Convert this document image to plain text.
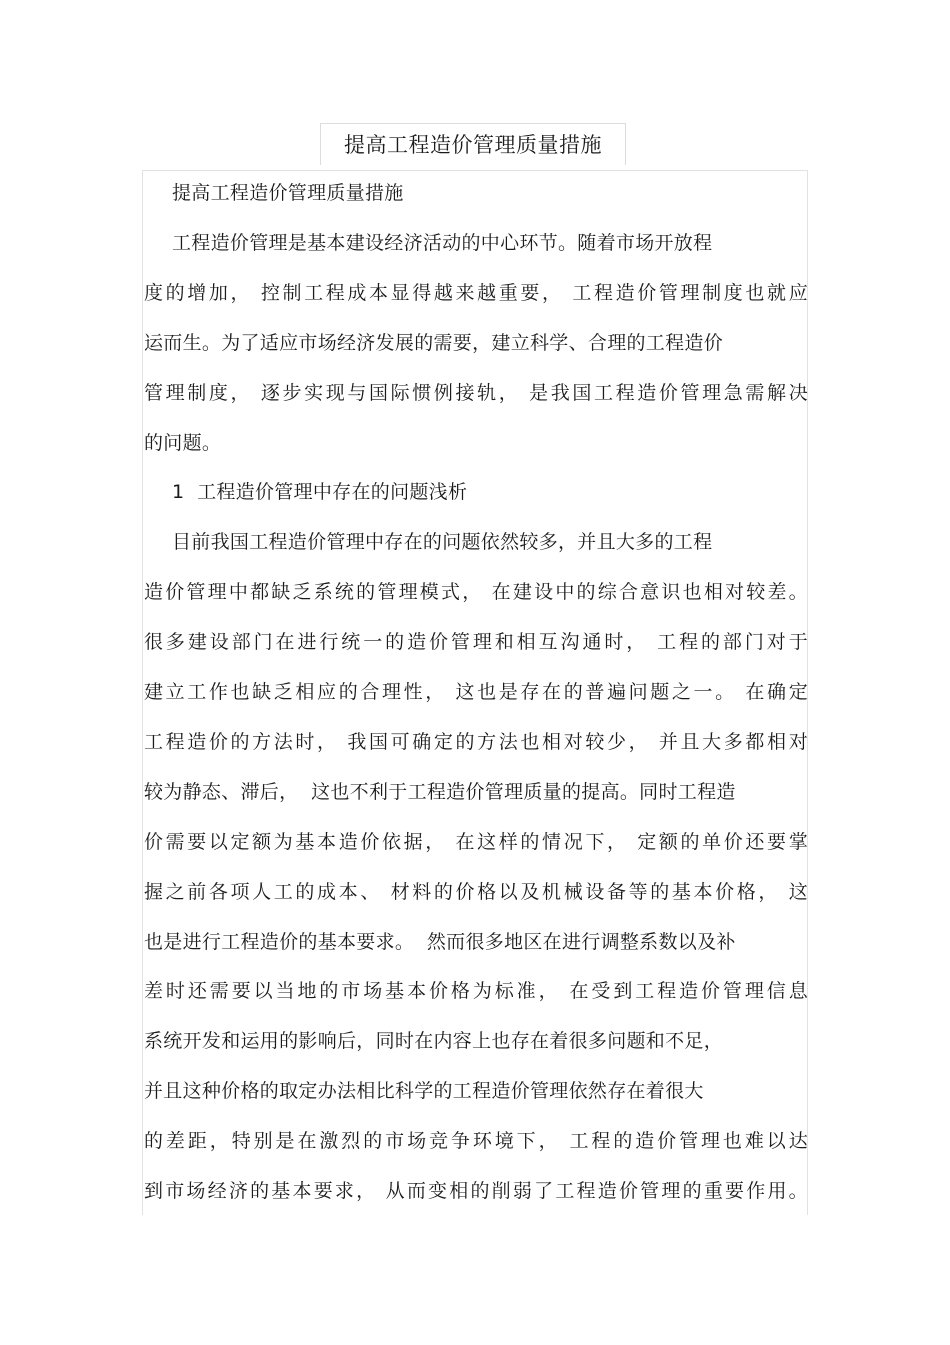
提高工程造价管理质量措施
提高工程造价管理质量措施
工程造价管理是基本建设经济活动的中心环节。随着市场开放程
度的增加， 控制工程成本显得越来越重要， 工程造价管理制度也就应
运而生。为了适应市场经济发展的需要，建立科学、合理的工程造价
管理制度， 逐步实现与国际惯例接轨， 是我国工程造价管理急需解决
的问题。
1  工程造价管理中存在的问题浅析
目前我国工程造价管理中存在的问题依然较多，并且大多的工程
造价管理中都缺乏系统的管理模式， 在建设中的综合意识也相对较差。
很多建设部门在进行统一的造价管理和相互沟通时， 工程的部门对于
建立工作也缺乏相应的合理性， 这也是存在的普遍问题之一。 在确定
工程造价的方法时， 我国可确定的方法也相对较少， 并且大多都相对
较为静态、滞后，  这也不利于工程造价管理质量的提高。同时工程造
价需要以定额为基本造价依据， 在这样的情况下， 定额的单价还要掌
握之前各项人工的成本、 材料的价格以及机械设备等的基本价格， 这
也是进行工程造价的基本要求。  然而很多地区在进行调整系数以及补
差时还需要以当地的市场基本价格为标准， 在受到工程造价管理信息
系统开发和运用的影响后，同时在内容上也存在着很多问题和不足，
并且这种价格的取定办法相比科学的工程造价管理依然存在着很大
的差距，特别是在激烈的市场竞争环境下， 工程的造价管理也难以达
到市场经济的基本要求， 从而变相的削弱了工程造价管理的重要作用。
